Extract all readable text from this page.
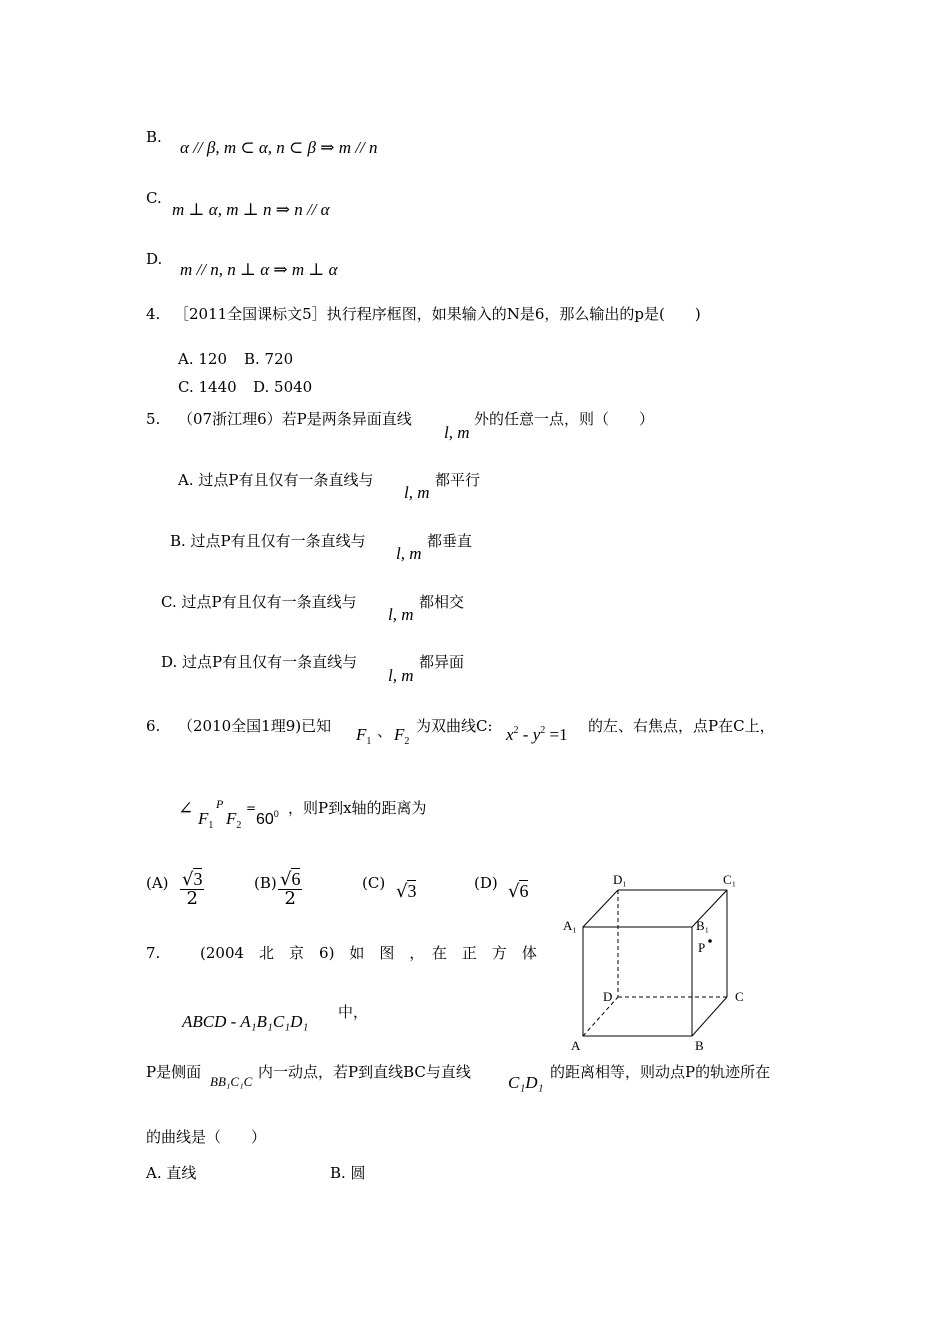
B.
α // β, m ⊂ α, n ⊂ β ⇒ m // n
C.
m ⊥ α, m ⊥ n ⇒ n // α
D.
m // n, n ⊥ α ⇒ m ⊥ α
4. ［2011全国课标文5］执行程序框图，如果输入的N是6，那么输出的p是(　　)
A. 120 B. 720
C. 1440 D. 5040
5. （07浙江理6）若P是两条异面直线
l, m
外的任意一点，则（　　）
A. 过点P有且仅有一条直线与
l, m
都平行
B. 过点P有且仅有一条直线与
l, m
都垂直
C. 过点P有且仅有一条直线与
l, m
都相交
D. 过点P有且仅有一条直线与
l, m
都异面
6. （2010全国1理9)已知 $F_1$
、 $F_2$
为双曲线C: $x^2 - y^2 =1$ 的左、右焦点，点P在C上，
∠ $F_1$
P
$F_2$
=
$60^0$ ，则P到x轴的距离为
$(A) \frac{√3}{2}$	$(B) \frac{√6}{2}$	(C) √3	(D) √6
7.	(2004　北　京　6)　如　图　，　在　正　方　体
ABCD - A₁B₁C₁D₁ 中，
P是侧面
BB₁C₁C
内一动点，若P到直线BC与直线
C₁D₁
的距离相等，则动点P的轨迹所在
的曲线是（　　）
A. 直线	B. 圆
D₁	C₁
A₁	B₁
P
D	C
A	B
